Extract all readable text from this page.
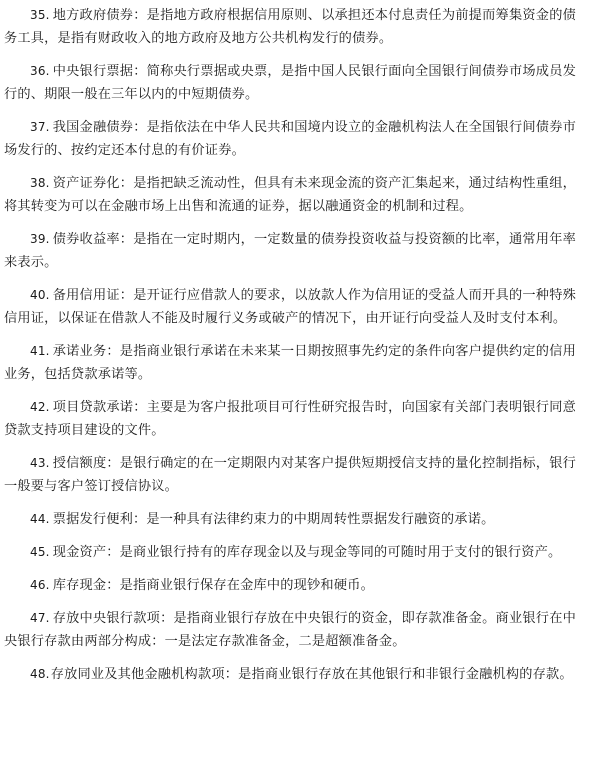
35. 地方政府债券：是指地方政府根据信用原则、以承担还本付息责任为前提而筹集资金的债务工具，是指有财政收入的地方政府及地方公共机构发行的债券。

36. 中央银行票据：简称央行票据或央票，是指中国人民银行面向全国银行间债券市场成员发行的、期限一般在三年以内的中短期债券。

37. 我国金融债券：是指依法在中华人民共和国境内设立的金融机构法人在全国银行间债券市场发行的、按约定还本付息的有价证券。

38. 资产证券化：是指把缺乏流动性，但具有未来现金流的资产汇集起来，通过结构性重组，将其转变为可以在金融市场上出售和流通的证券，据以融通资金的机制和过程。

39. 债券收益率：是指在一定时期内，一定数量的债券投资收益与投资额的比率，通常用年率来表示。

40. 备用信用证：是开证行应借款人的要求，以放款人作为信用证的受益人而开具的一种特殊信用证，以保证在借款人不能及时履行义务或破产的情况下，由开证行向受益人及时支付本利。

41. 承诺业务：是指商业银行承诺在未来某一日期按照事先约定的条件向客户提供约定的信用业务，包括贷款承诺等。

42. 项目贷款承诺：主要是为客户报批项目可行性研究报告时，向国家有关部门表明银行同意贷款支持项目建设的文件。

43. 授信额度：是银行确定的在一定期限内对某客户提供短期授信支持的量化控制指标，银行一般要与客户签订授信协议。

44. 票据发行便利：是一种具有法律约束力的中期周转性票据发行融资的承诺。

45. 现金资产：是商业银行持有的库存现金以及与现金等同的可随时用于支付的银行资产。

46. 库存现金：是指商业银行保存在金库中的现钞和硬币。

47. 存放中央银行款项：是指商业银行存放在中央银行的资金，即存款准备金。商业银行在中央银行存款由两部分构成：一是法定存款准备金，二是超额准备金。

48.存放同业及其他金融机构款项：是指商业银行存放在其他银行和非银行金融机构的存款。
